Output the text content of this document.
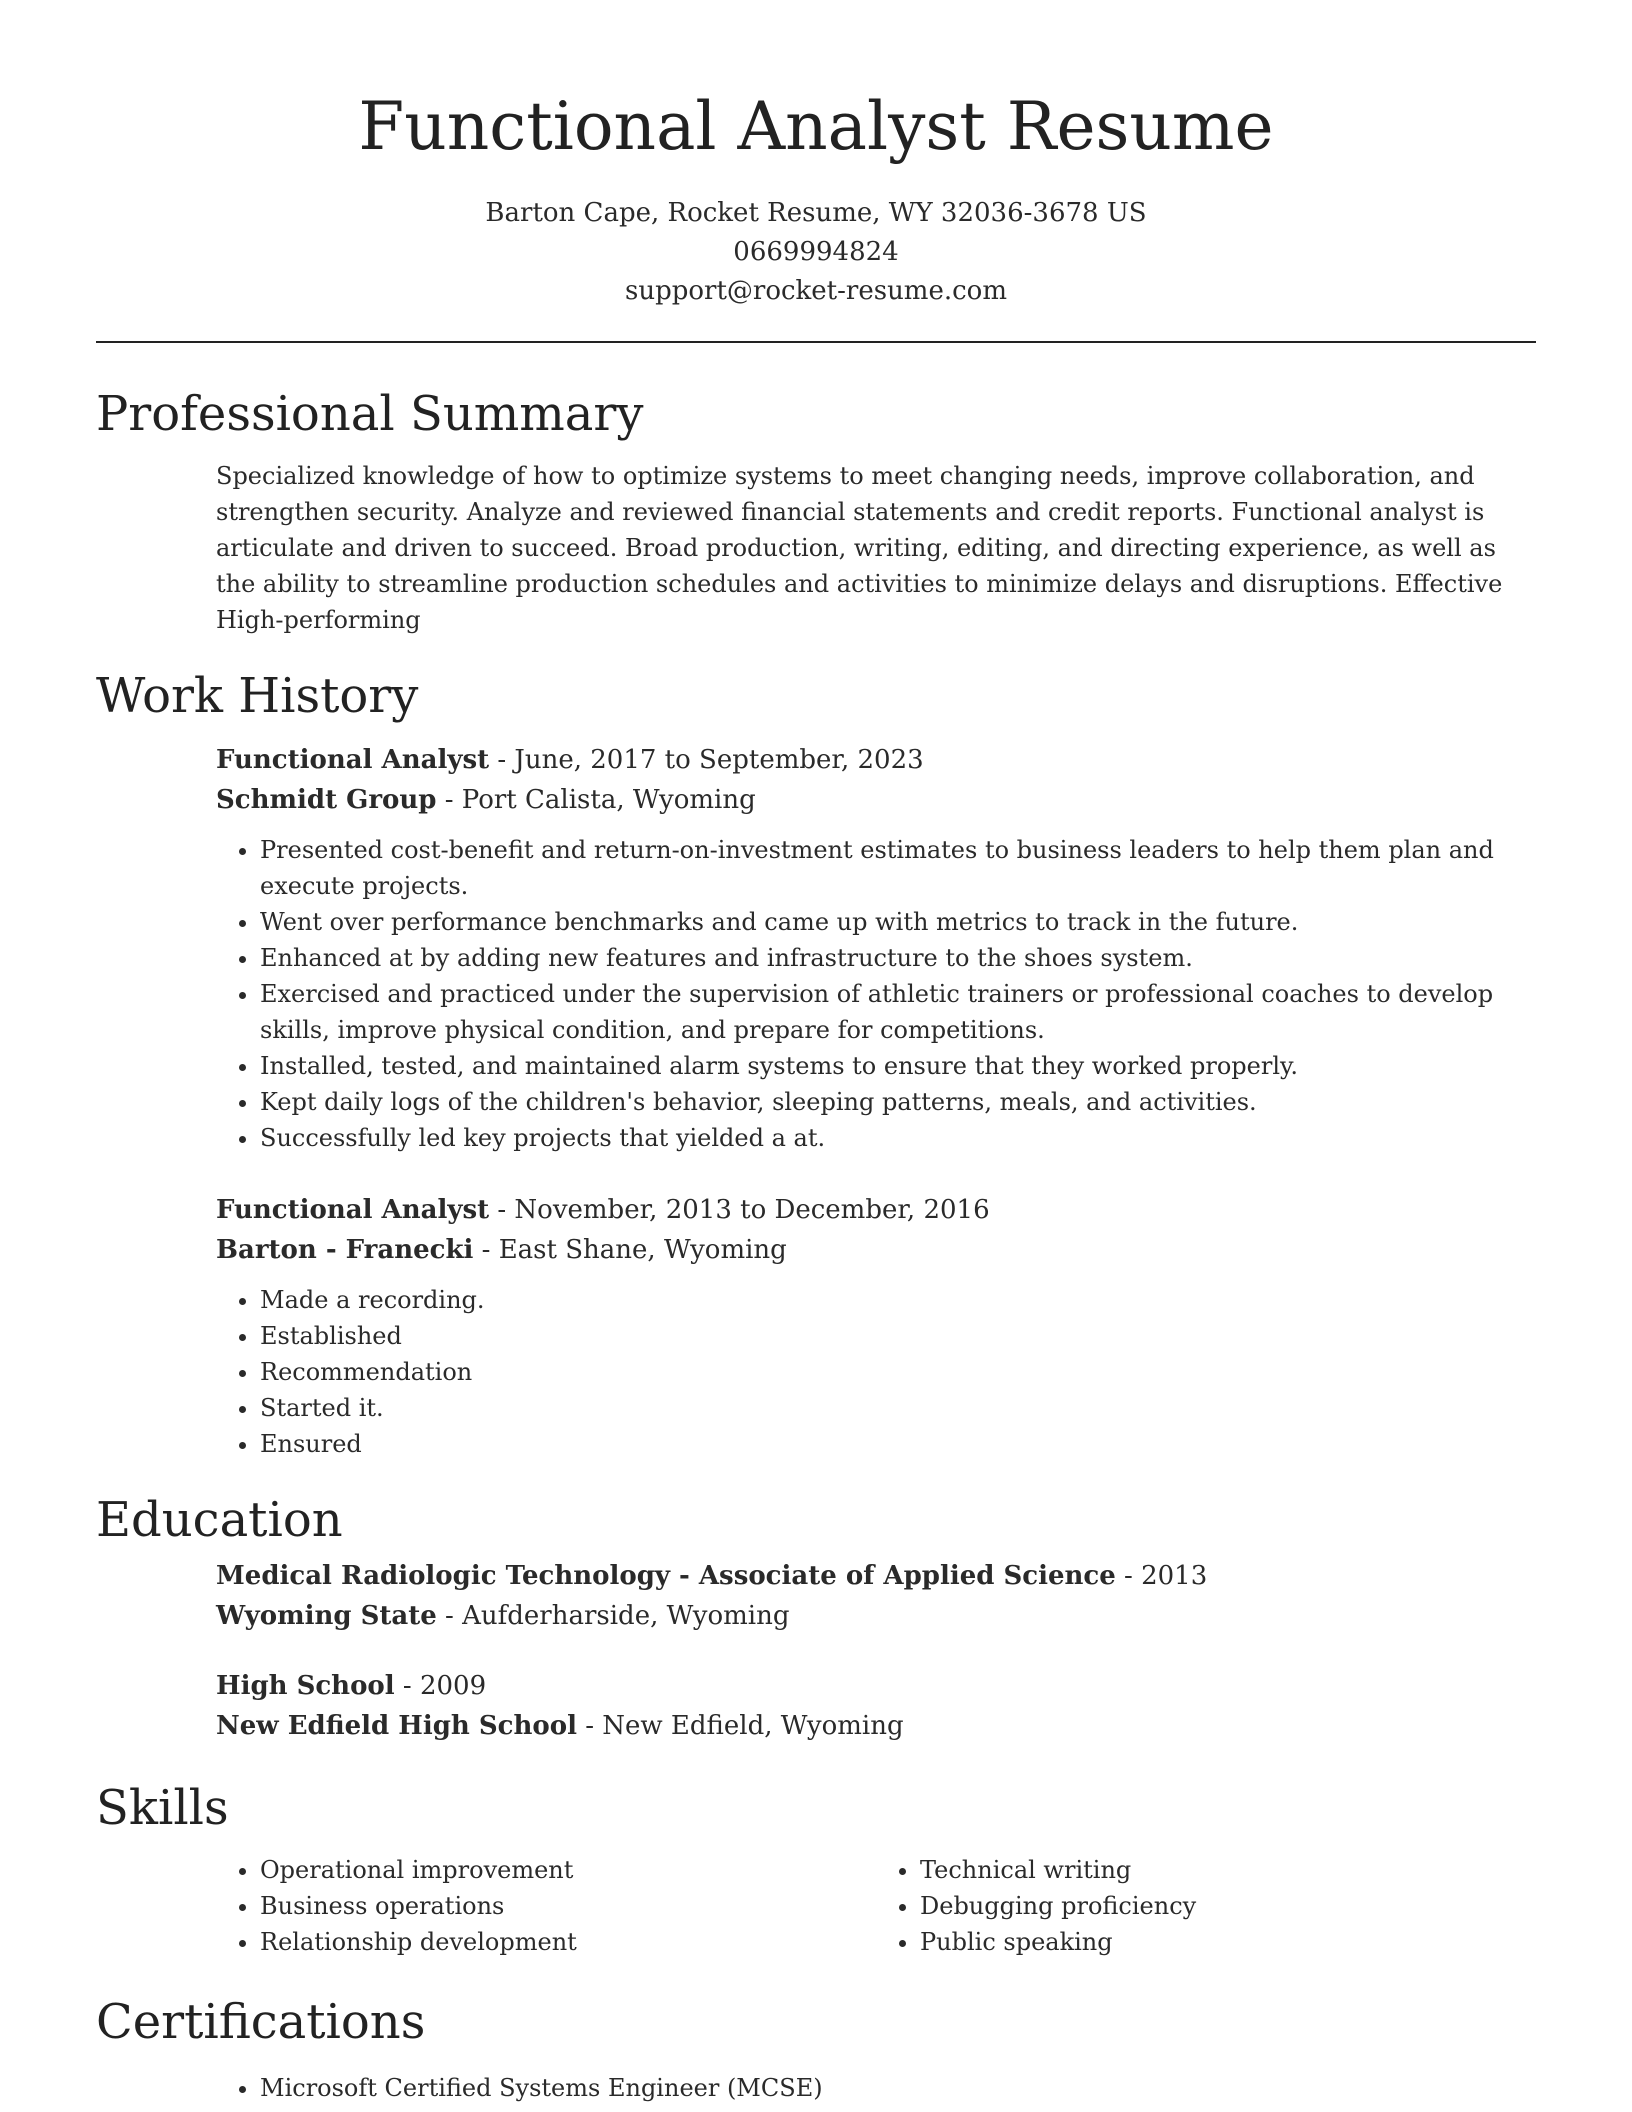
Functional Analyst Resume
Barton Cape, Rocket Resume, WY 32036-3678 US
0669994824
support@rocket-resume.com
Professional Summary

Specialized knowledge of how to optimize systems to meet changing needs, improve collaboration, and strengthen security. Analyze and reviewed financial statements and credit reports. Functional analyst is articulate and driven to succeed. Broad production, writing, editing, and directing experience, as well as the ability to streamline production schedules and activities to minimize delays and disruptions. Effective High-performing

Work History
Functional Analyst - June, 2017 to September, 2023
Schmidt Group - Port Calista, Wyoming
• Presented cost-benefit and return-on-investment estimates to business leaders to help them plan and execute projects.
• Went over performance benchmarks and came up with metrics to track in the future.
• Enhanced at by adding new features and infrastructure to the shoes system.
• Exercised and practiced under the supervision of athletic trainers or professional coaches to develop skills, improve physical condition, and prepare for competitions.
• Installed, tested, and maintained alarm systems to ensure that they worked properly.
• Kept daily logs of the children's behavior, sleeping patterns, meals, and activities.
• Successfully led key projects that yielded a at.
Functional Analyst - November, 2013 to December, 2016
Barton - Franecki - East Shane, Wyoming
• Made a recording.
• Established
• Recommendation
• Started it.
• Ensured
Education
Medical Radiologic Technology - Associate of Applied Science - 2013
Wyoming State - Aufderharside, Wyoming
High School - 2009
New Edfield High School - New Edfield, Wyoming
Skills
• Operational improvement
• Business operations
• Relationship development
• Technical writing
• Debugging proficiency
• Public speaking
Certifications
• Microsoft Certified Systems Engineer (MCSE)
